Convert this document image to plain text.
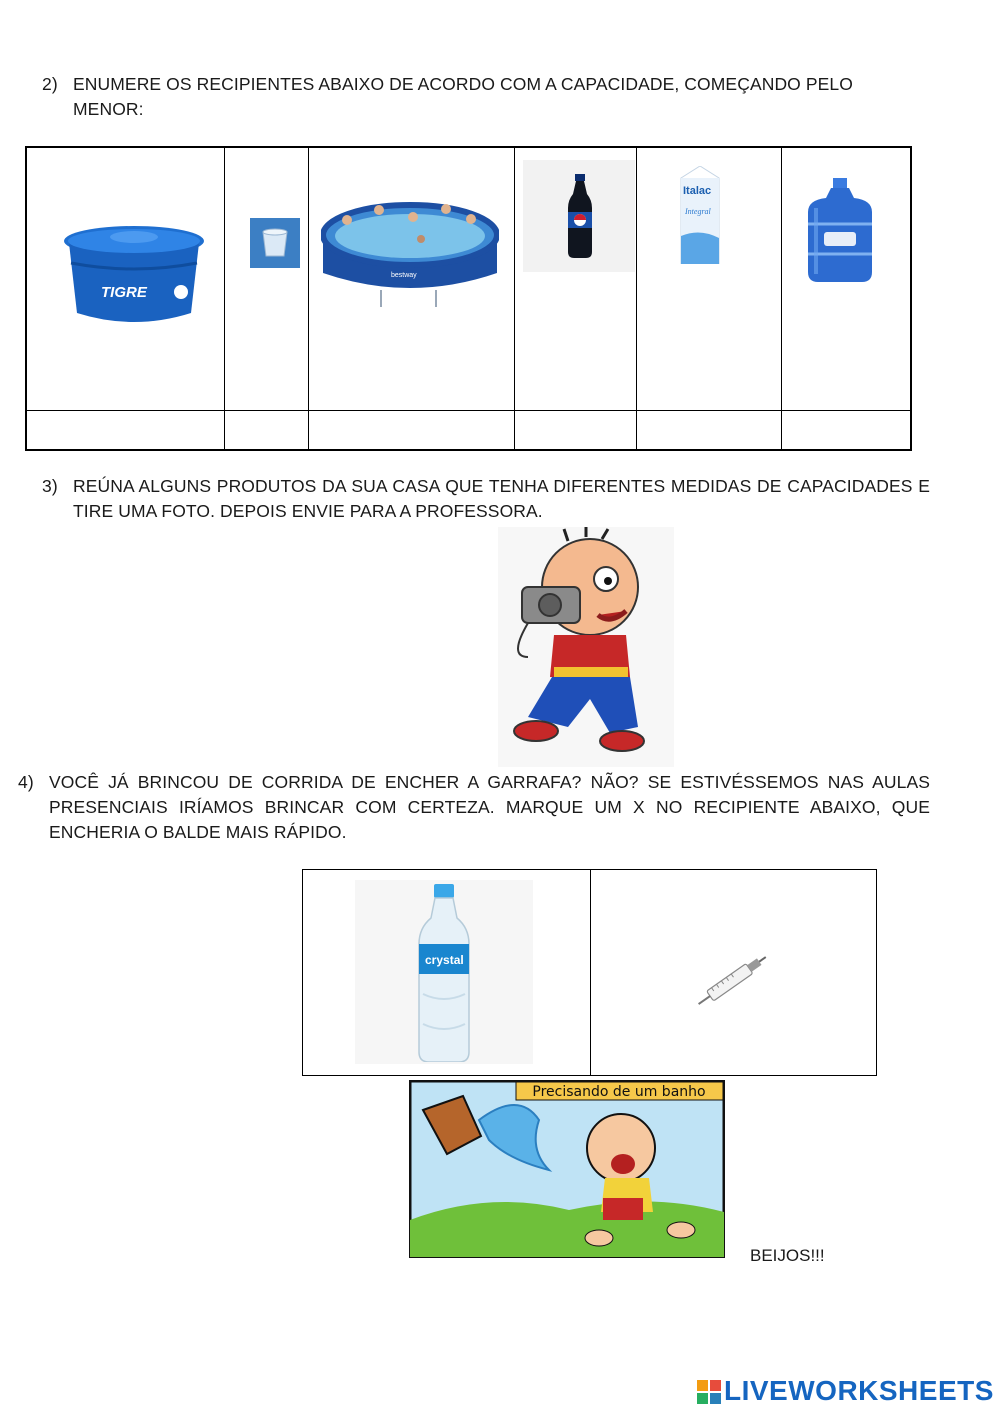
2) ENUMERE OS RECIPIENTES ABAIXO DE ACORDO COM A CAPACIDADE, COMEÇANDO PELO MENOR:
TIGRE
bestway
Italac
Integral
3) REÚNA ALGUNS PRODUTOS DA SUA CASA QUE TENHA DIFERENTES MEDIDAS DE CAPACIDADES E TIRE UMA FOTO. DEPOIS ENVIE PARA A PROFESSORA.
4) VOCÊ JÁ BRINCOU DE CORRIDA DE ENCHER A GARRAFA? NÃO? SE ESTIVÉSSEMOS NAS AULAS PRESENCIAIS IRÍAMOS BRINCAR COM CERTEZA. MARQUE UM X NO RECIPIENTE ABAIXO, QUE ENCHERIA O BALDE MAIS RÁPIDO.
crystal
Precisando de um banho
BEIJOS!!!
LIVEWORKSHEETS
